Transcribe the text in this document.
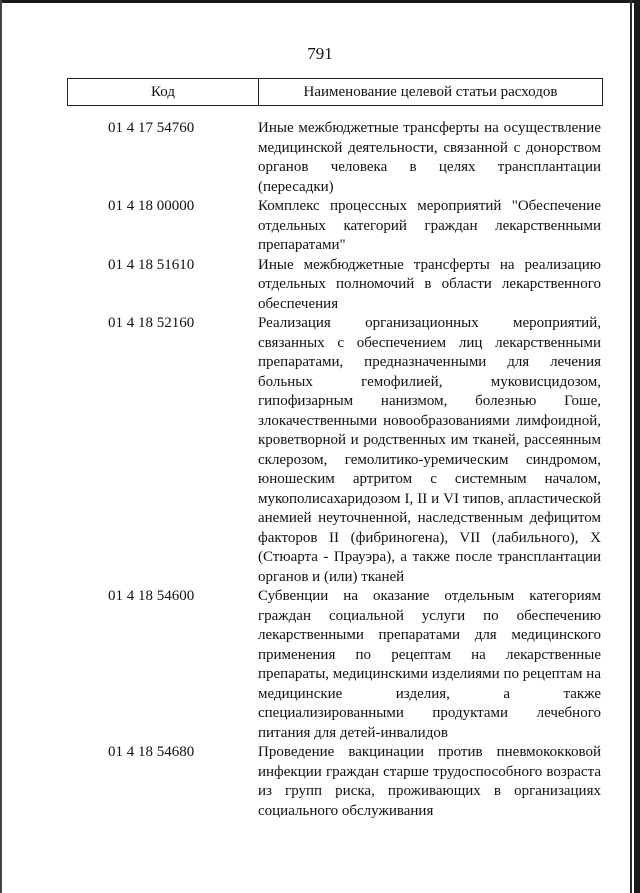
791
Код	Наименование целевой статьи расходов
01 4 17 54760	Иные межбюджетные трансферты на осуществление медицинской деятельности, связанной с донорством органов человека в целях трансплантации (пересадки)
01 4 18 00000	Комплекс процессных мероприятий "Обеспечение отдельных категорий граждан лекарственными препаратами"
01 4 18 51610	Иные межбюджетные трансферты на реализацию отдельных полномочий в области лекарственного обеспечения
01 4 18 52160	Реализация организационных мероприятий, связанных с обеспечением лиц лекарственными препаратами, предназначенными для лечения больных гемофилией, муковисцидозом, гипофизарным нанизмом, болезнью Гоше, злокачественными новообразованиями лимфоидной, кроветворной и родственных им тканей, рассеянным склерозом, гемолитико-уремическим синдромом, юношеским артритом с системным началом, мукополисахаридозом I, II и VI типов, апластической анемией неуточненной, наследственным дефицитом факторов II (фибриногена), VII (лабильного), X (Стюарта - Прауэра), а также после трансплантации органов и (или) тканей
01 4 18 54600	Субвенции на оказание отдельным категориям граждан социальной услуги по обеспечению лекарственными препаратами для медицинского применения по рецептам на лекарственные препараты, медицинскими изделиями по рецептам на медицинские изделия, а также специализированными продуктами лечебного питания для детей-инвалидов
01 4 18 54680	Проведение вакцинации против пневмококковой инфекции граждан старше трудоспособного возраста из групп риска, проживающих в организациях социального обслуживания
